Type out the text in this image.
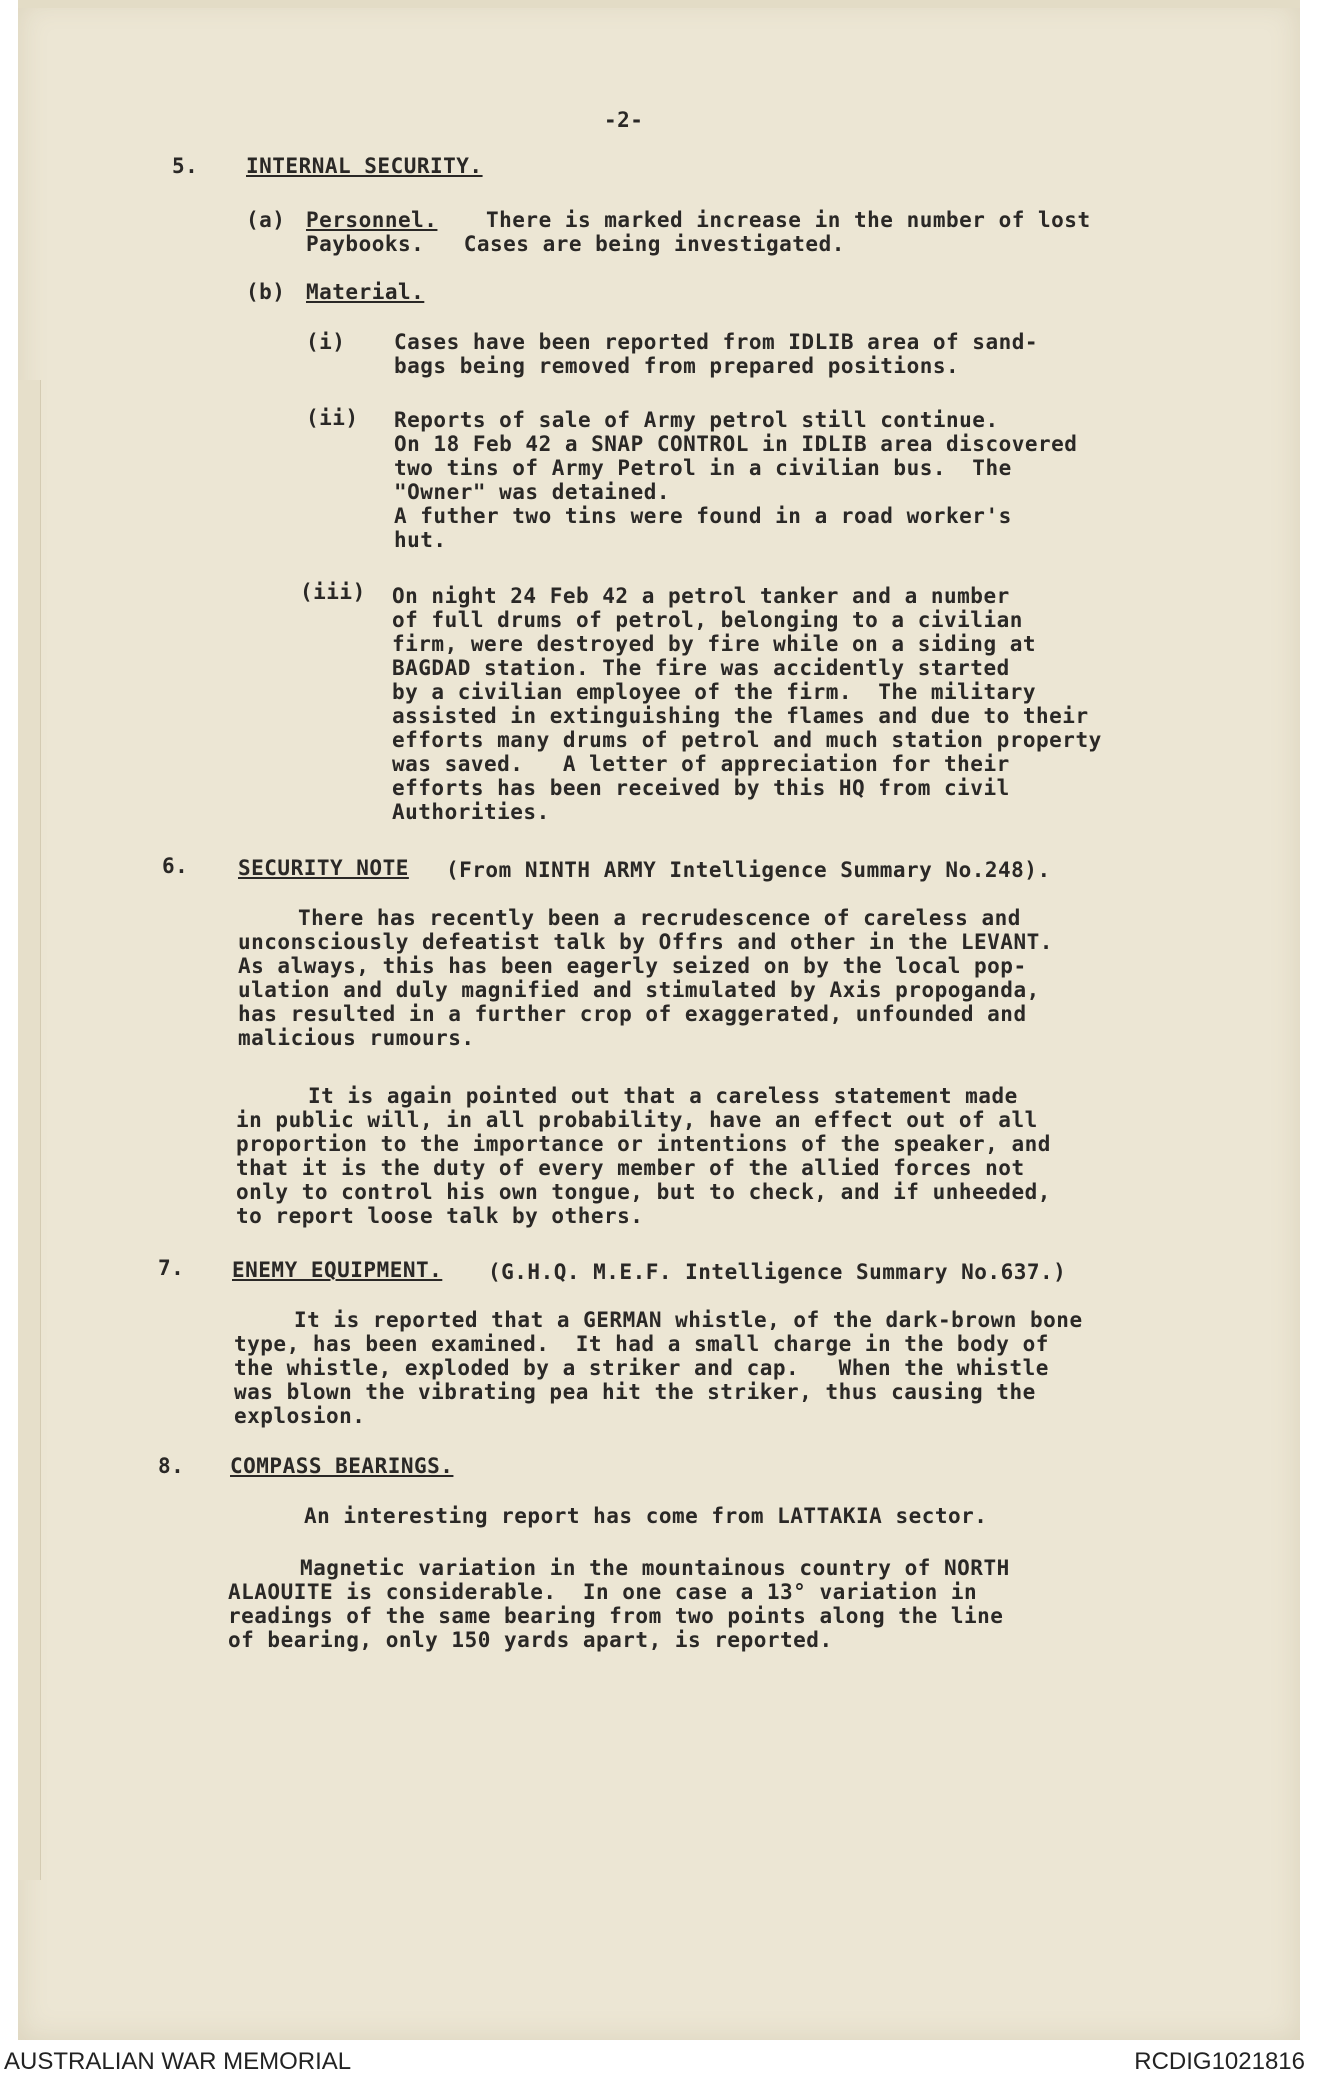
-2-
5. INTERNAL SECURITY.
(a) Personnel. There is marked increase in the number of lost
Paybooks.   Cases are being investigated.
(b) Material.
(i) Cases have been reported from IDLIB area of sand-
bags being removed from prepared positions.
(ii) Reports of sale of Army petrol still continue.
On 18 Feb 42 a SNAP CONTROL in IDLIB area discovered
two tins of Army Petrol in a civilian bus.  The
"Owner" was detained.
A futher two tins were found in a road worker's
hut.
(iii) On night 24 Feb 42 a petrol tanker and a number
of full drums of petrol, belonging to a civilian
firm, were destroyed by fire while on a siding at
BAGDAD station. The fire was accidently started
by a civilian employee of the firm.  The military
assisted in extinguishing the flames and due to their
efforts many drums of petrol and much station property
was saved.   A letter of appreciation for their
efforts has been received by this HQ from civil
Authorities.
6. SECURITY NOTE (From NINTH ARMY Intelligence Summary No.248).
There has recently been a recrudescence of careless and
unconsciously defeatist talk by Offrs and other in the LEVANT.
As always, this has been eagerly seized on by the local pop-
ulation and duly magnified and stimulated by Axis propoganda,
has resulted in a further crop of exaggerated, unfounded and
malicious rumours.
It is again pointed out that a careless statement made
in public will, in all probability, have an effect out of all
proportion to the importance or intentions of the speaker, and
that it is the duty of every member of the allied forces not
only to control his own tongue, but to check, and if unheeded,
to report loose talk by others.
7. ENEMY EQUIPMENT. (G.H.Q. M.E.F. Intelligence Summary No.637.)
It is reported that a GERMAN whistle, of the dark-brown bone
type, has been examined.  It had a small charge in the body of
the whistle, exploded by a striker and cap.   When the whistle
was blown the vibrating pea hit the striker, thus causing the
explosion.
8. COMPASS BEARINGS.
An interesting report has come from LATTAKIA sector.
Magnetic variation in the mountainous country of NORTH
ALAOUITE is considerable.  In one case a 13° variation in
readings of the same bearing from two points along the line
of bearing, only 150 yards apart, is reported.
AUSTRALIAN WAR MEMORIAL	RCDIG1021816
